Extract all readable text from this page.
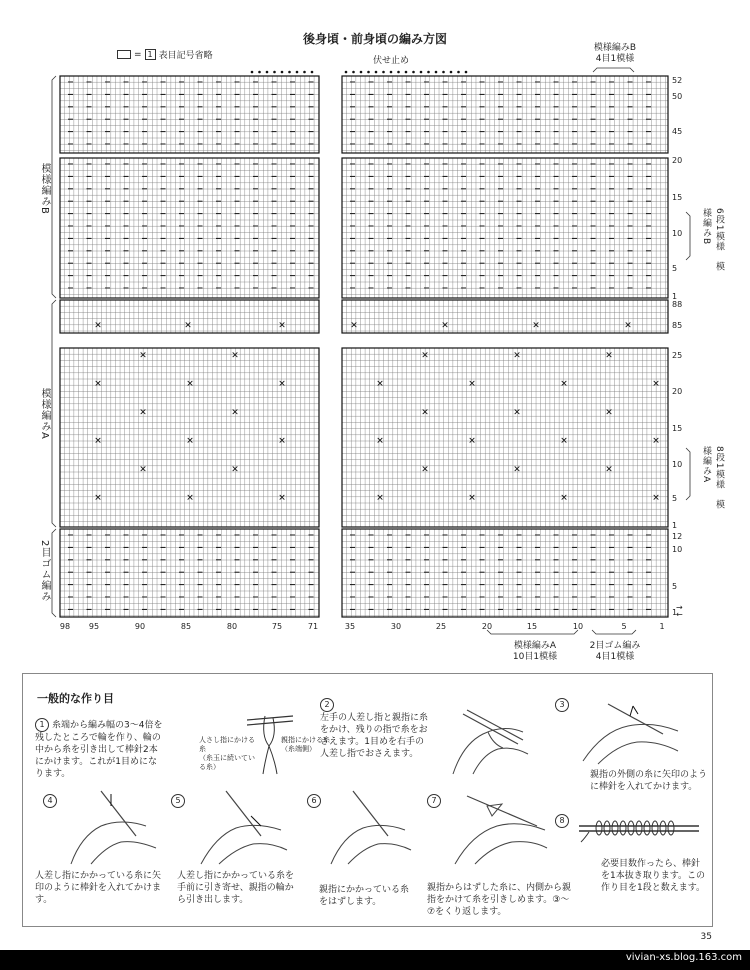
✕	✕	✕	✕	✕
✕	✕	✕	✕	✕	✕	✕
✕	✕	✕	✕	✕
✕	✕	✕	✕	✕	✕	✕
✕	✕	✕	✕	✕
✕	✕	✕	✕	✕	✕	✕
✕	✕	✕	✕	✕	✕	✕
52
50
45
20
15
10
5
1
88
85
25
20
15
10
5
1
12
10
5
1
98 95	90	85	80	75	71	35	30	25	20	15	10	5	1
→
←
後身頃・前身頃の編み方図
= 1 表目記号省略	伏せ止め
模様編みB
4目1模様
模様編みB
模様編みA
2目ゴム編み
6段1模様　模様編みB
8段1模様　模様編みA
模様編みA
10目1模様
2目ゴム編み
4目1模様
一般的な作り目
1 糸端から編み幅の3〜4倍を残したところで輪を作り、輪の中から糸を引き出して棒針2本にかけます。これが1目めになります。
人さし指にかける糸
（糸玉に続いている糸）
親指にかける糸
（糸端側）
2
左手の人差し指と親指に糸をかけ、残りの指で糸をおさえます。1目めを右手の人差し指でおさえます。
3
親指の外側の糸に矢印のように棒針を入れてかけます。
4
人差し指にかかっている糸に矢印のように棒針を入れてかけます。
5
人差し指にかかっている糸を手前に引き寄せ、親指の輪から引き出します。
6
親指にかかっている糸をはずします。
7
親指からはずした糸に、内側から親指をかけて糸を引きしめます。③〜⑦をくり返します。
8
必要目数作ったら、棒針を1本抜き取ります。この作り目を1段と数えます。
35
vivian-xs.blog.163.com
